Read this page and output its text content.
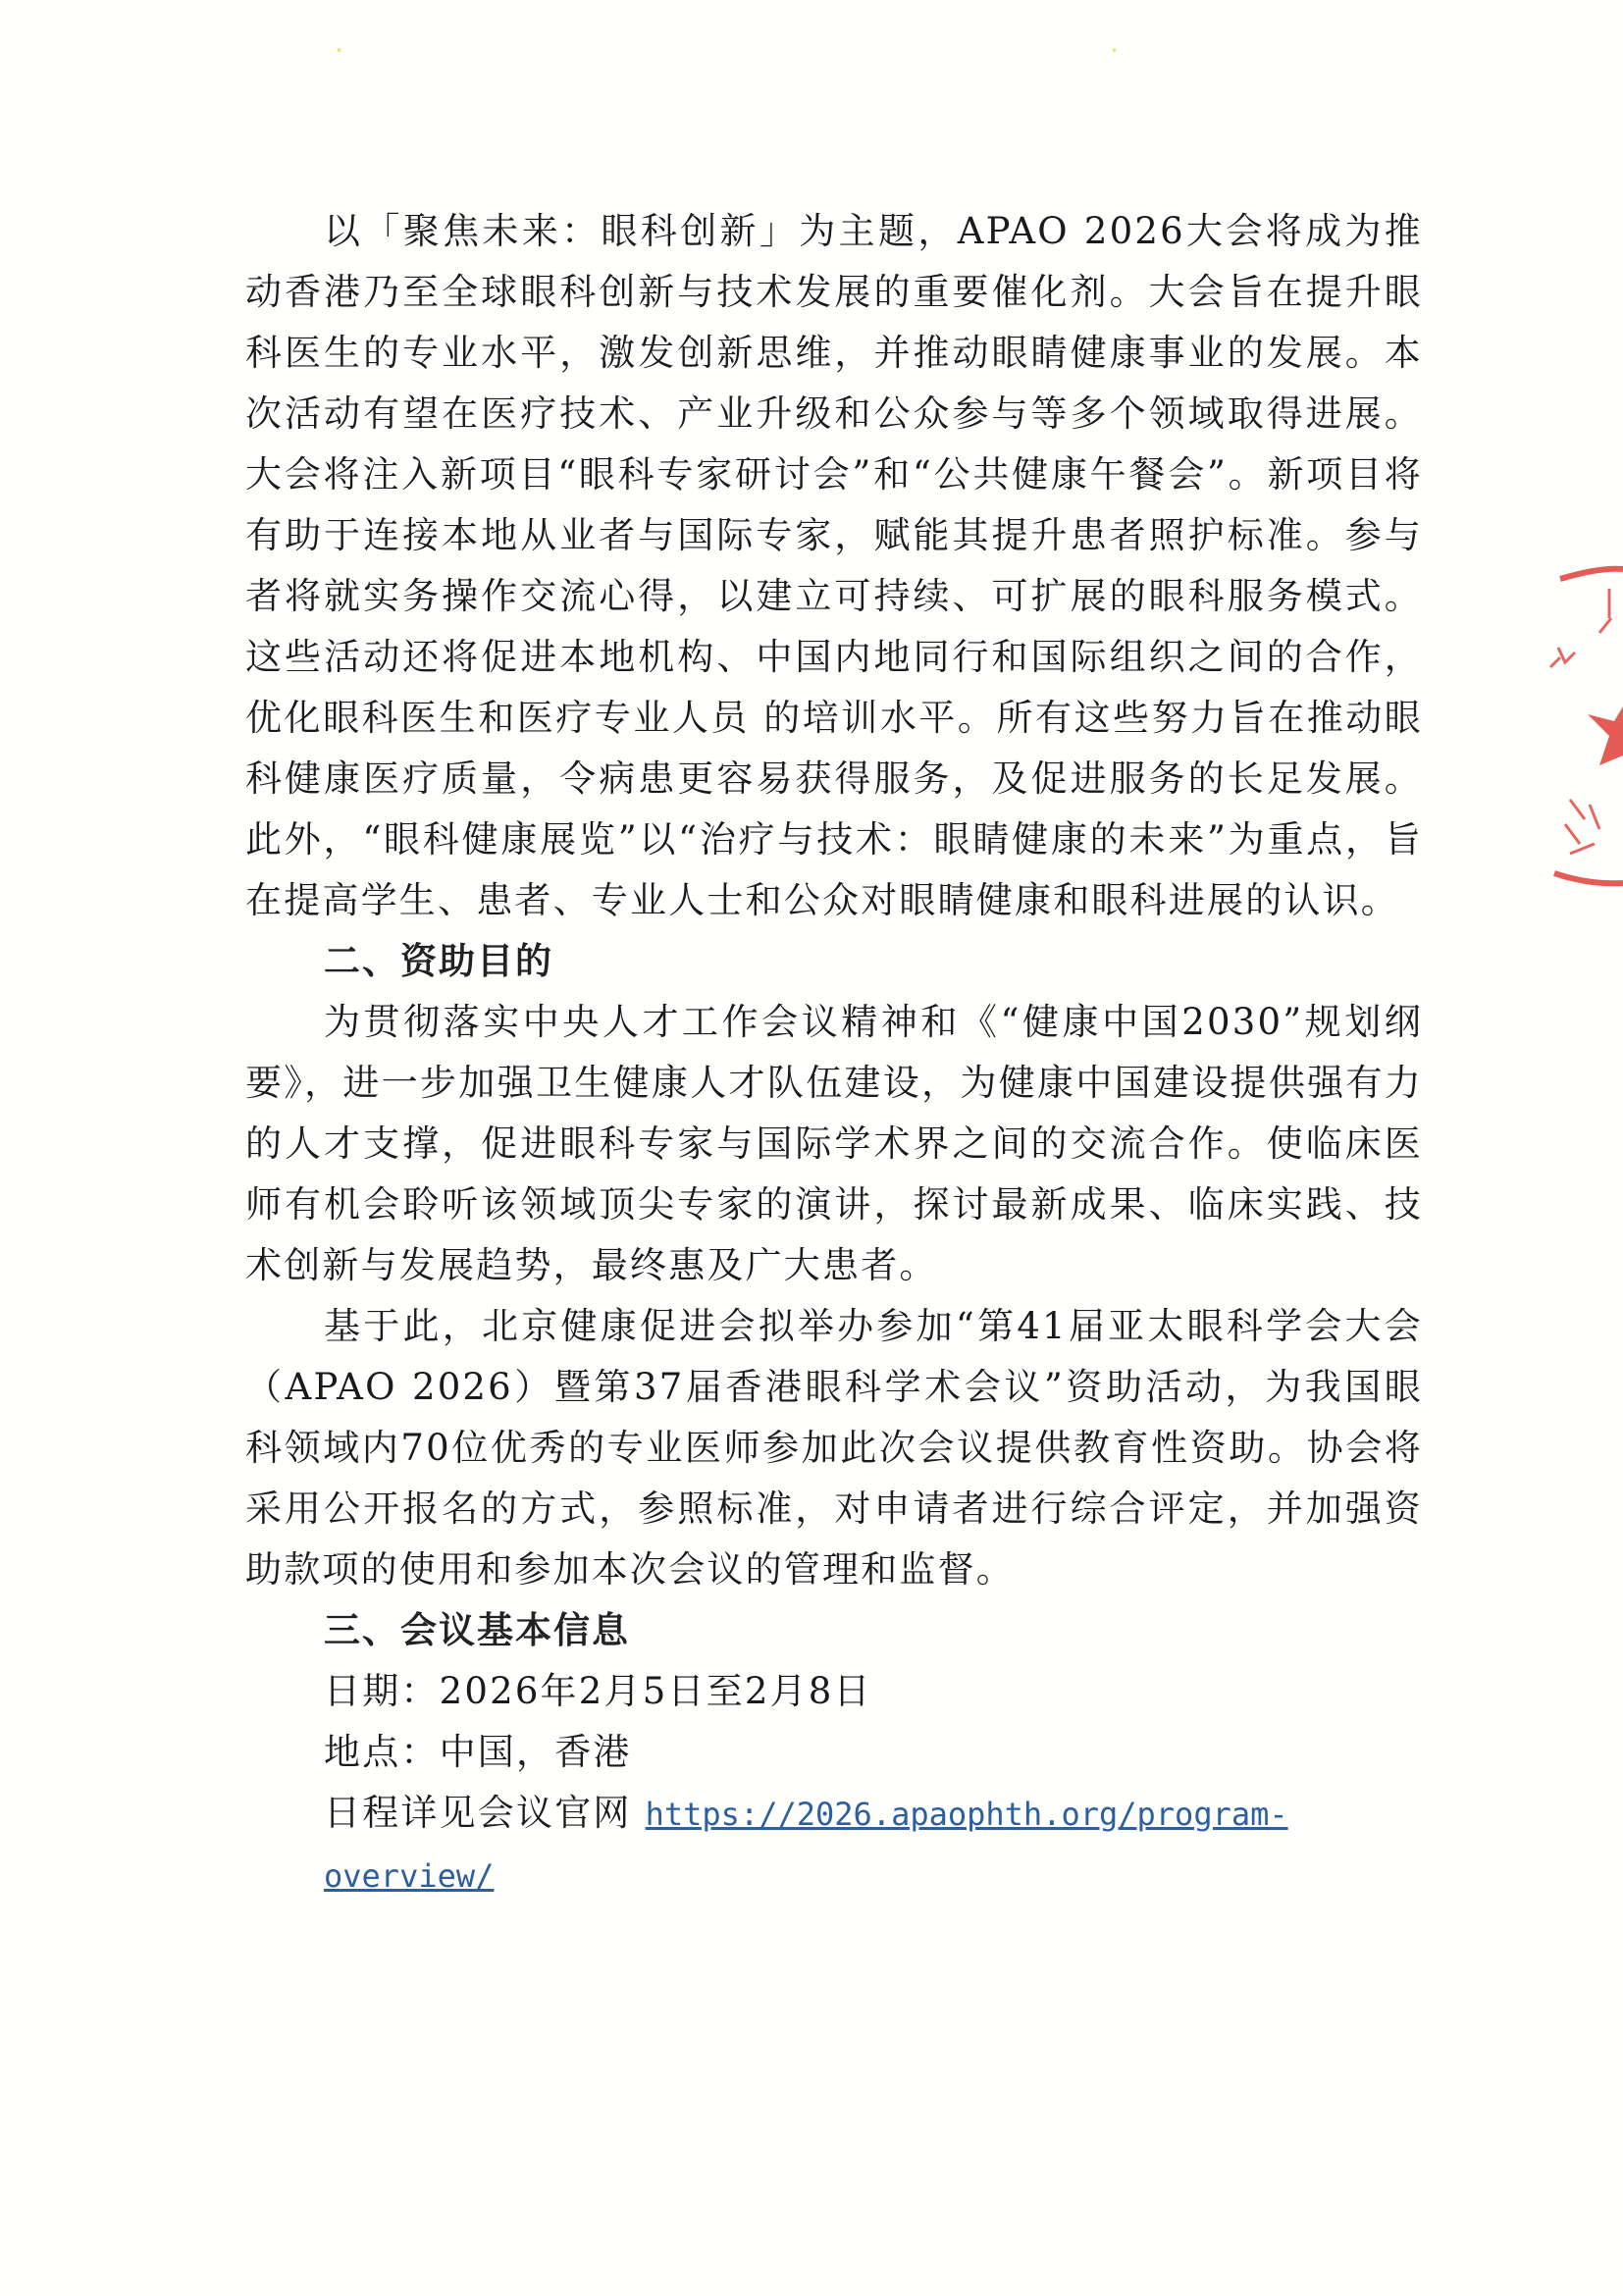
以「聚焦未来：眼科创新」为主题，APAO 2026大会将成为推动香港乃至全球眼科创新与技术发展的重要催化剂。大会旨在提升眼科医生的专业水平，激发创新思维，并推动眼睛健康事业的发展。本次活动有望在医疗技术、产业升级和公众参与等多个领域取得进展。大会将注入新项目“眼科专家研讨会”和“公共健康午餐会”。新项目将有助于连接本地从业者与国际专家，赋能其提升患者照护标准。参与者将就实务操作交流心得，以建立可持续、可扩展的眼科服务模式。这些活动还将促进本地机构、中国内地同行和国际组织之间的合作，优化眼科医生和医疗专业人员 的培训水平。所有这些努力旨在推动眼科健康医疗质量，令病患更容易获得服务，及促进服务的长足发展。此外，“眼科健康展览”以“治疗与技术：眼睛健康的未来”为重点，旨在提高学生、患者、专业人士和公众对眼睛健康和眼科进展的认识。

二、资助目的

为贯彻落实中央人才工作会议精神和《“健康中国2030”规划纲要》，进一步加强卫生健康人才队伍建设，为健康中国建设提供强有力的人才支撑，促进眼科专家与国际学术界之间的交流合作。使临床医师有机会聆听该领域顶尖专家的演讲，探讨最新成果、临床实践、技术创新与发展趋势，最终惠及广大患者。

基于此，北京健康促进会拟举办参加“第41届亚太眼科学会大会（APAO 2026）暨第37届香港眼科学术会议”资助活动，为我国眼科领域内70位优秀的专业医师参加此次会议提供教育性资助。协会将采用公开报名的方式，参照标准，对申请者进行综合评定，并加强资助款项的使用和参加本次会议的管理和监督。

三、会议基本信息

日期：2026年2月5日至2月8日

地点：中国，香港

日程详见会议官网 https://2026.apaophth.org/program-overview/
